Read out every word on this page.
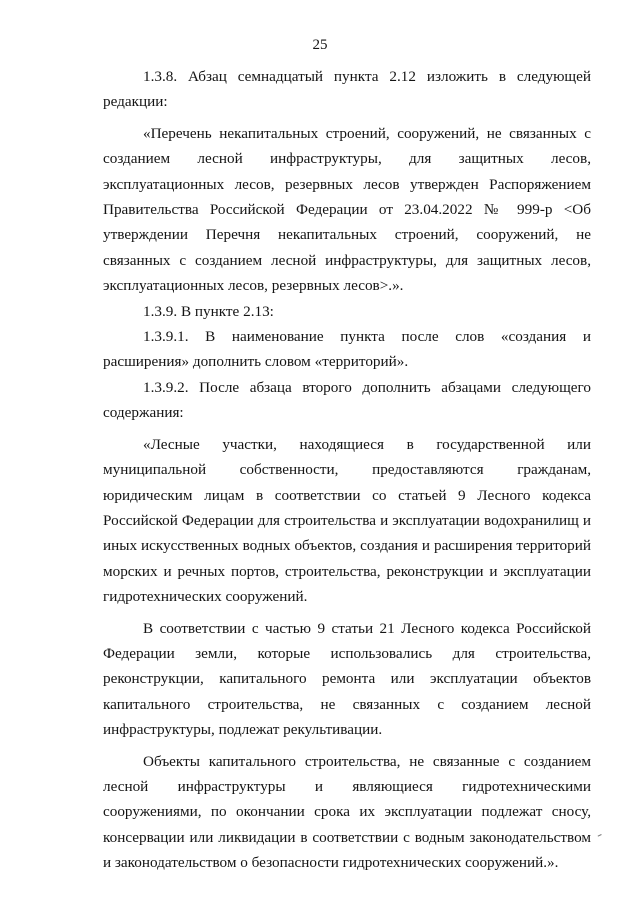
25

1.3.8. Абзац семнадцатый пункта 2.12 изложить в следующей редакции:

«Перечень некапитальных строений, сооружений, не связанных с созданием лесной инфраструктуры, для защитных лесов, эксплуатационных лесов, резервных лесов утвержден Распоряжением Правительства Российской Федерации от 23.04.2022 № 999-р <Об утверждении Перечня некапитальных строений, сооружений, не связанных с созданием лесной инфраструктуры, для защитных лесов, эксплуатационных лесов, резервных лесов>.».

1.3.9. В пункте 2.13:

1.3.9.1. В наименование пункта после слов «создания и расширения» дополнить словом «территорий».

1.3.9.2. После абзаца второго дополнить абзацами следующего содержания:

«Лесные участки, находящиеся в государственной или муниципальной собственности, предоставляются гражданам, юридическим лицам в соответствии со статьей 9 Лесного кодекса Российской Федерации для строительства и эксплуатации водохранилищ и иных искусственных водных объектов, создания и расширения территорий морских и речных портов, строительства, реконструкции и эксплуатации гидротехнических сооружений.

В соответствии с частью 9 статьи 21 Лесного кодекса Российской Федерации земли, которые использовались для строительства, реконструкции, капитального ремонта или эксплуатации объектов капитального строительства, не связанных с созданием лесной инфраструктуры, подлежат рекультивации.

Объекты капитального строительства, не связанные с созданием лесной инфраструктуры и являющиеся гидротехническими сооружениями, по окончании срока их эксплуатации подлежат сносу, консервации или ликвидации в соответствии с водным законодательством и законодательством о безопасности гидротехнических сооружений.».
